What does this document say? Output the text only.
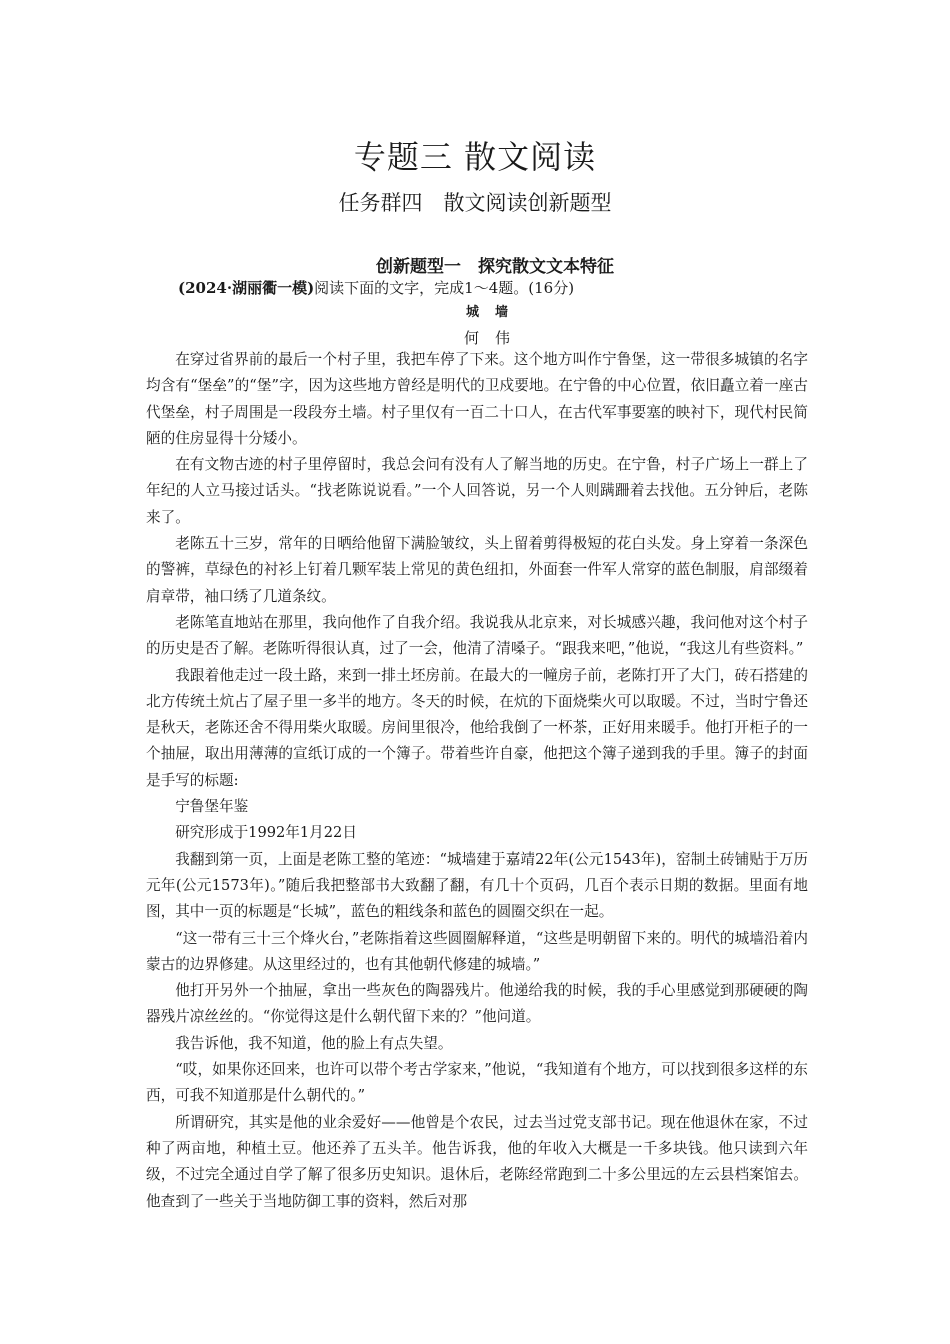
专题三 散文阅读
任务群四　散文阅读创新题型
创新题型一　探究散文文本特征
(2024·湖丽衢一模)阅读下面的文字，完成1～4题。(16分)
城墙
何伟

在穿过省界前的最后一个村子里，我把车停了下来。这个地方叫作宁鲁堡，这一带很多城镇的名字均含有“堡垒”的“堡”字，因为这些地方曾经是明代的卫戍要地。在宁鲁的中心位置，依旧矗立着一座古代堡垒，村子周围是一段段夯土墙。村子里仅有一百二十口人，在古代军事要塞的映衬下，现代村民简陋的住房显得十分矮小。

在有文物古迹的村子里停留时，我总会问有没有人了解当地的历史。在宁鲁，村子广场上一群上了年纪的人立马接过话头。“找老陈说说看。”一个人回答说，另一个人则蹒跚着去找他。五分钟后，老陈来了。

老陈五十三岁，常年的日晒给他留下满脸皱纹，头上留着剪得极短的花白头发。身上穿着一条深色的警裤，草绿色的衬衫上钉着几颗军装上常见的黄色纽扣，外面套一件军人常穿的蓝色制服，肩部缀着肩章带，袖口绣了几道条纹。

老陈笔直地站在那里，我向他作了自我介绍。我说我从北京来，对长城感兴趣，我问他对这个村子的历史是否了解。老陈听得很认真，过了一会，他清了清嗓子。“跟我来吧，”他说，“我这儿有些资料。”

我跟着他走过一段土路，来到一排土坯房前。在最大的一幢房子前，老陈打开了大门，砖石搭建的北方传统土炕占了屋子里一多半的地方。冬天的时候，在炕的下面烧柴火可以取暖。不过，当时宁鲁还是秋天，老陈还舍不得用柴火取暖。房间里很冷，他给我倒了一杯茶，正好用来暖手。他打开柜子的一个抽屉，取出用薄薄的宣纸订成的一个簿子。带着些许自豪，他把这个簿子递到我的手里。簿子的封面是手写的标题:

宁鲁堡年鉴

研究形成于1992年1月22日

我翻到第一页，上面是老陈工整的笔迹：“城墙建于嘉靖22年(公元1543年)，窑制土砖铺贴于万历元年(公元1573年)。”随后我把整部书大致翻了翻，有几十个页码，几百个表示日期的数据。里面有地图，其中一页的标题是“长城”，蓝色的粗线条和蓝色的圆圈交织在一起。

“这一带有三十三个烽火台，”老陈指着这些圆圈解释道，“这些是明朝留下来的。明代的城墙沿着内蒙古的边界修建。从这里经过的，也有其他朝代修建的城墙。”

他打开另外一个抽屉，拿出一些灰色的陶器残片。他递给我的时候，我的手心里感觉到那硬硬的陶器残片凉丝丝的。“你觉得这是什么朝代留下来的？”他问道。

我告诉他，我不知道，他的脸上有点失望。

“哎，如果你还回来，也许可以带个考古学家来，”他说，“我知道有个地方，可以找到很多这样的东西，可我不知道那是什么朝代的。”

所谓研究，其实是他的业余爱好——他曾是个农民，过去当过党支部书记。现在他退休在家，不过种了两亩地，种植土豆。他还养了五头羊。他告诉我，他的年收入大概是一千多块钱。他只读到六年级，不过完全通过自学了解了很多历史知识。退休后，老陈经常跑到二十多公里远的左云县档案馆去。他查到了一些关于当地防御工事的资料，然后对那
